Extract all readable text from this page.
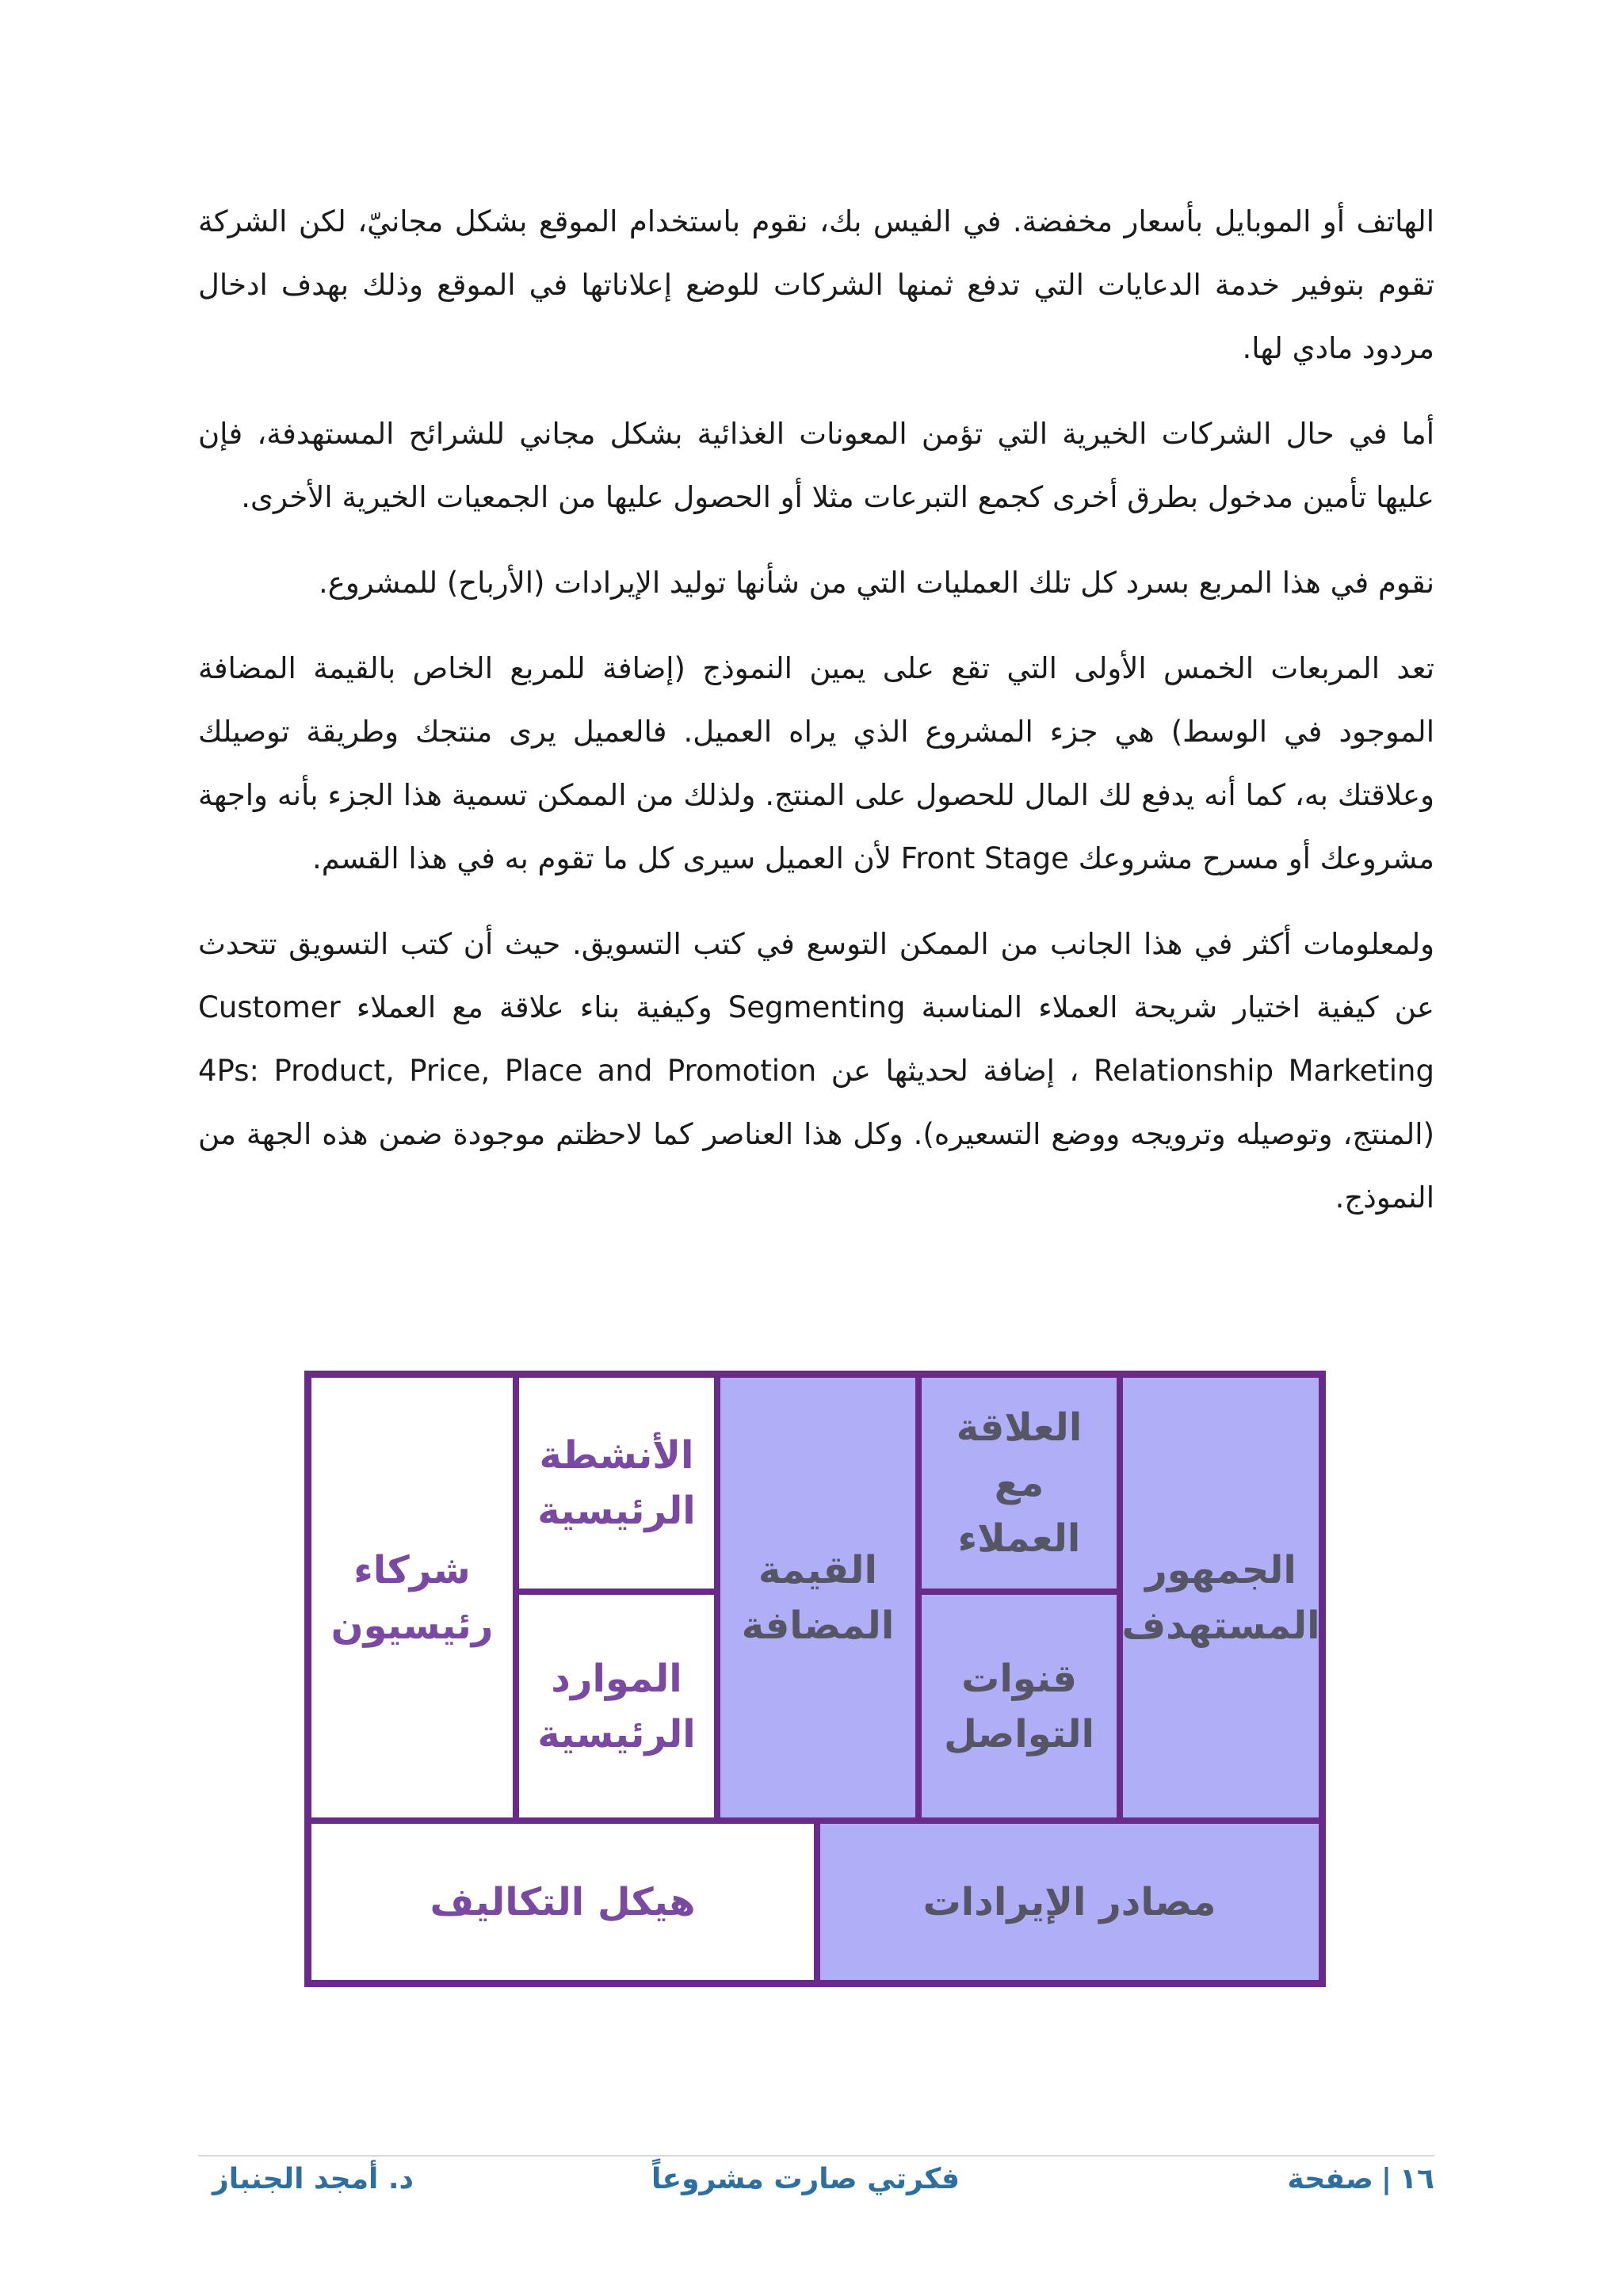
الهاتف أو الموبايل بأسعار مخفضة. في الفيس بك، نقوم باستخدام الموقع بشكل مجانيّ، لكن الشركة تقوم بتوفير خدمة الدعايات التي تدفع ثمنها الشركات للوضع إعلاناتها في الموقع وذلك بهدف ادخال مردود مادي لها.

أما في حال الشركات الخيرية التي تؤمن المعونات الغذائية بشكل مجاني للشرائح المستهدفة، فإن عليها تأمين مدخول بطرق أخرى كجمع التبرعات مثلا أو الحصول عليها من الجمعيات الخيرية الأخرى.

نقوم في هذا المربع بسرد كل تلك العمليات التي من شأنها توليد الإيرادات (الأرباح) للمشروع.

تعد المربعات الخمس الأولى التي تقع على يمين النموذج (إضافة للمربع الخاص بالقيمة المضافة الموجود في الوسط) هي جزء المشروع الذي يراه العميل. فالعميل يرى منتجك وطريقة توصيلك وعلاقتك به، كما أنه يدفع لك المال للحصول على المنتج. ولذلك من الممكن تسمية هذا الجزء بأنه واجهة مشروعك أو مسرح مشروعك Front Stage لأن العميل سيرى كل ما تقوم به في هذا القسم.

ولمعلومات أكثر في هذا الجانب من الممكن التوسع في كتب التسويق. حيث أن كتب التسويق تتحدث عن كيفية اختيار شريحة العملاء المناسبة Segmenting وكيفية بناء علاقة مع العملاء Customer Relationship Marketing ، إضافة لحديثها عن 4Ps: Product, Price, Place and Promotion (المنتج، وتوصيله وترويجه ووضع التسعيره). وكل هذا العناصر كما لاحظتم موجودة ضمن هذه الجهة من النموذج.

الجمهور
المستهدف
العلاقة
مع
العملاء
قنوات
التواصل
القيمة
المضافة
الأنشطة
الرئيسية
الموارد
الرئيسية
شركاء
رئيسيون
مصادر الإيرادات
هيكل التكاليف
١٦|صفحة
فكرتي صارت مشروعاً
د. أمجد الجنباز
